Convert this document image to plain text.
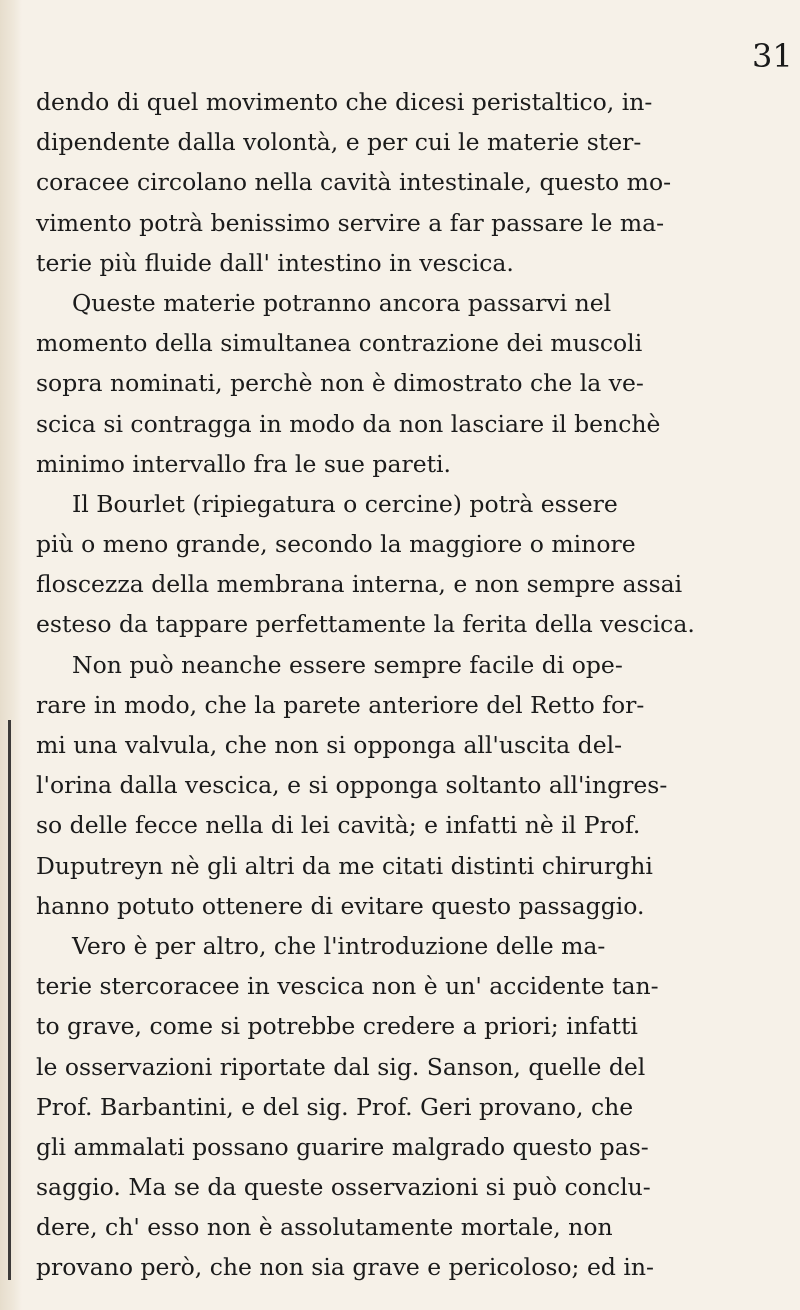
31
dendo di quel movimento che dicesi peristaltico, in-
dipendente dalla volontà, e per cui le materie ster-
coracee circolano nella cavità intestinale, questo mo-
vimento potrà benissimo servire a far passare le ma-
terie più fluide dall' intestino in vescica.
Queste materie potranno ancora passarvi nel
momento della simultanea contrazione dei muscoli
sopra nominati, perchè non è dimostrato che la ve-
scica si contragga in modo da non lasciare il benchè
minimo intervallo fra le sue pareti.
Il Bourlet (ripiegatura o cercine) potrà essere
più o meno grande, secondo la maggiore o minore
floscezza della membrana interna, e non sempre assai
esteso da tappare perfettamente la ferita della vescica.
Non può neanche essere sempre facile di ope-
rare in modo, che la parete anteriore del Retto for-
mi una valvula, che non si opponga all'uscita del-
l'orina dalla vescica, e si opponga soltanto all'ingres-
so delle fecce nella di lei cavità; e infatti nè il Prof.
Duputreyn nè gli altri da me citati distinti chirurghi
hanno potuto ottenere di evitare questo passaggio.
Vero è per altro, che l'introduzione delle ma-
terie stercoracee in vescica non è un' accidente tan-
to grave, come si potrebbe credere a priori; infatti
le osservazioni riportate dal sig. Sanson, quelle del
Prof. Barbantini, e del sig. Prof. Geri provano, che
gli ammalati possano guarire malgrado questo pas-
saggio. Ma se da queste osservazioni si può conclu-
dere, ch' esso non è assolutamente mortale, non
provano però, che non sia grave e pericoloso; ed in-
